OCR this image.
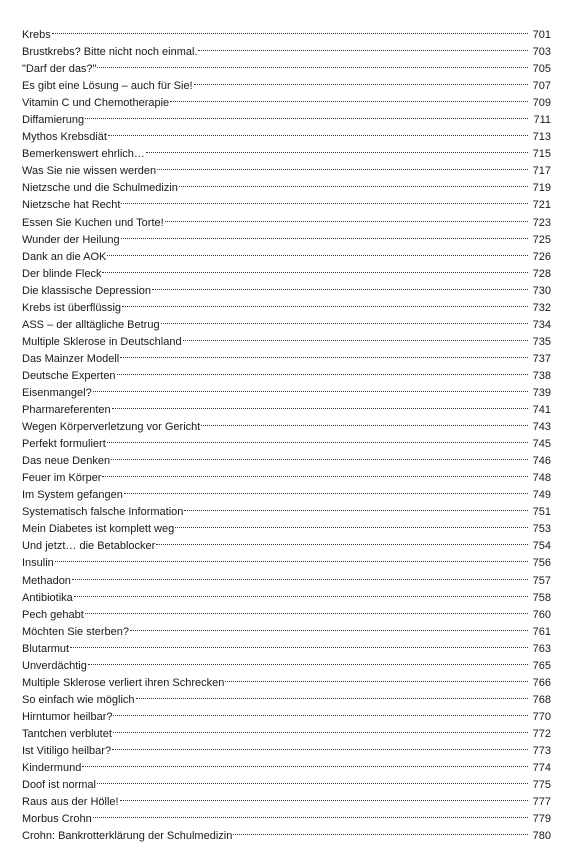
Krebs	701
Brustkrebs? Bitte nicht noch einmal.	703
"Darf der das?"	705
Es gibt eine Lösung – auch für Sie!	707
Vitamin C und Chemotherapie	709
Diffamierung	711
Mythos Krebsdiät	713
Bemerkenswert ehrlich…	715
Was Sie nie wissen werden	717
Nietzsche und die Schulmedizin	719
Nietzsche hat Recht	721
Essen Sie Kuchen und Torte!	723
Wunder der Heilung	725
Dank an die AOK	726
Der blinde Fleck	728
Die klassische Depression	730
Krebs ist überflüssig	732
ASS – der alltägliche Betrug	734
Multiple Sklerose in Deutschland	735
Das Mainzer Modell	737
Deutsche Experten	738
Eisenmangel?	739
Pharmareferenten	741
Wegen Körperverletzung vor Gericht	743
Perfekt formuliert	745
Das neue Denken	746
Feuer im Körper	748
Im System gefangen	749
Systematisch falsche Information	751
Mein Diabetes ist komplett weg	753
Und jetzt… die Betablocker	754
Insulin	756
Methadon	757
Antibiotika	758
Pech gehabt	760
Möchten Sie sterben?	761
Blutarmut	763
Unverdächtig	765
Multiple Sklerose verliert ihren Schrecken	766
So einfach wie möglich	768
Hirntumor heilbar?	770
Tantchen verblutet	772
Ist Vitiligo heilbar?	773
Kindermund	774
Doof ist normal	775
Raus aus der Hölle!	777
Morbus Crohn	779
Crohn: Bankrotterklärung der Schulmedizin	780
